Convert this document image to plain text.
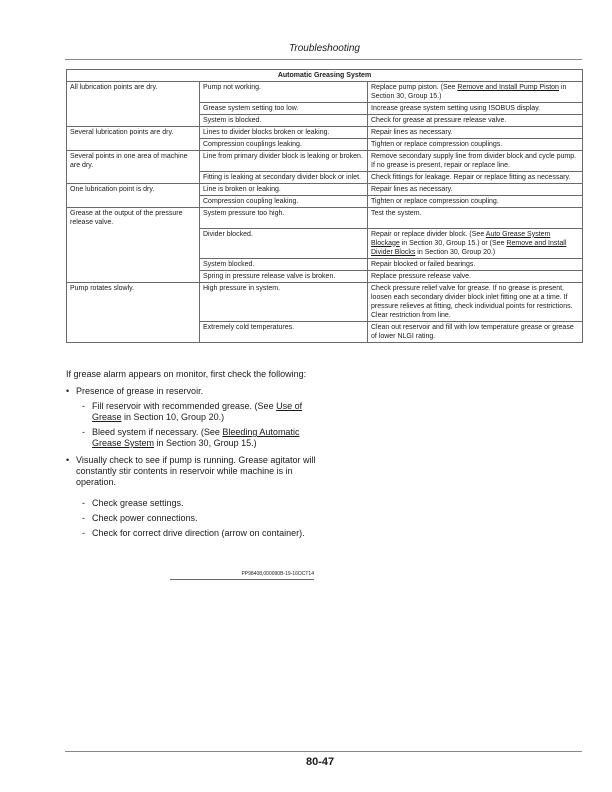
Troubleshooting
Automatic Greasing System		
All lubrication points are dry.	Pump not working.	Replace pump piston. (See Remove and Install Pump Piston in Section 30, Group 15.)
	Grease system setting too low.	Increase grease system setting using ISOBUS display.
	System is blocked.	Check for grease at pressure release valve.
Several lubrication points are dry.	Lines to divider blocks broken or leaking.	Repair lines as necessary.
	Compression couplings leaking.	Tighten or replace compression couplings.
Several points in one area of machine are dry.	Line from primary divider block is leaking or broken.	Remove secondary supply line from divider block and cycle pump. If no grease is present, repair or replace line.
	Fitting is leaking at secondary divider block or inlet.	Check fittings for leakage. Repair or replace fitting as necessary.
One lubrication point is dry.	Line is broken or leaking.	Repair lines as necessary.
	Compression coupling leaking.	Tighten or replace compression coupling.
Grease at the output of the pressure release valve.	System pressure too high.	Test the system.
	Divider blocked.	Repair or replace divider block. (See Auto Grease System Blockage in Section 30, Group 15.) or (See Remove and Install Divider Blocks in Section 30, Group 20.)
	System blocked.	Repair blocked or failed bearings.
	Spring in pressure release valve is broken.	Replace pressure release valve.
Pump rotates slowly.	High pressure in system.	Check pressure relief valve for grease. If no grease is present, loosen each secondary divider block inlet fitting one at a time. If pressure relieves at fitting, check individual points for restrictions. Clear restriction from line.
	Extremely cold temperatures.	Clean out reservoir and fill with low temperature grease or grease of lower NLGI rating.

If grease alarm appears on monitor, first check the following:

• Presence of grease in reservoir.
- Fill reservoir with recommended grease. (See Use of Grease in Section 10, Group 20.)
- Bleed system if necessary. (See Bleeding Automatic Grease System in Section 30, Group 15.)
• Visually check to see if pump is running. Grease agitator will constantly stir contents in reservoir while machine is in operation.
- Check grease settings.
- Check power connections.
- Check for correct drive direction (arrow on container).
PP98408,000090B-19-16OCT14
80-47
